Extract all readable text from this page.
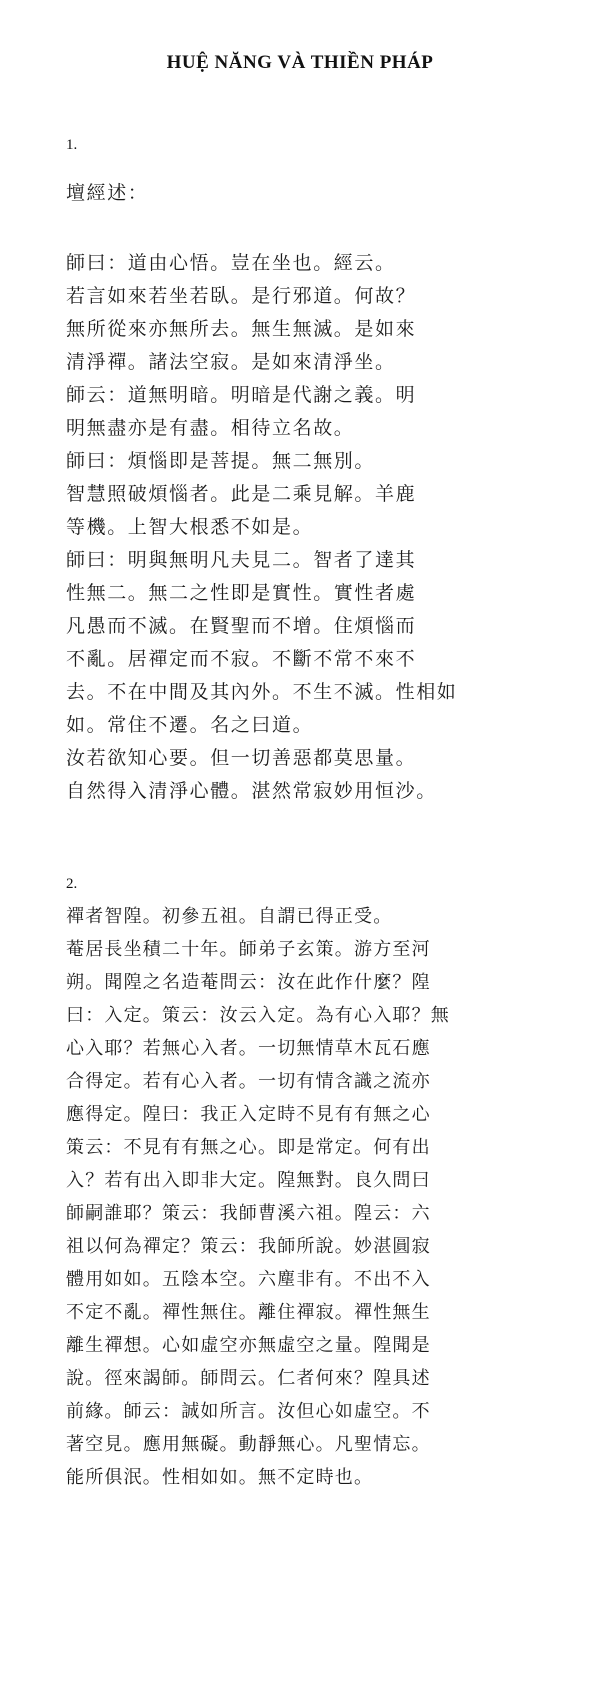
HUỆ NĂNG VÀ THIỀN PHÁP
1.
壇經述：
師曰：道由心悟。豈在坐也。經云。
若言如來若坐若臥。是行邪道。何故？
無所從來亦無所去。無生無滅。是如來
清淨禪。諸法空寂。是如來清淨坐。
師云：道無明暗。明暗是代謝之義。明
明無盡亦是有盡。相待立名故。
師曰：煩惱即是菩提。無二無別。
智慧照破煩惱者。此是二乘見解。羊鹿
等機。上智大根悉不如是。
師曰：明與無明凡夫見二。智者了達其
性無二。無二之性即是實性。實性者處
凡愚而不滅。在賢聖而不增。住煩惱而
不亂。居禪定而不寂。不斷不常不來不
去。不在中間及其內外。不生不滅。性相如
如。常住不遷。名之曰道。
汝若欲知心要。但一切善惡都莫思量。
自然得入清淨心體。湛然常寂妙用恒沙。
2.
禪者智隍。初參五祖。自謂已得正受。
菴居長坐積二十年。師弟子玄策。游方至河
朔。聞隍之名造菴問云：汝在此作什麼？隍
曰：入定。策云：汝云入定。為有心入耶？無
心入耶？若無心入者。一切無情草木瓦石應
合得定。若有心入者。一切有情含識之流亦
應得定。隍曰：我正入定時不見有有無之心
策云：不見有有無之心。即是常定。何有出
入？若有出入即非大定。隍無對。良久問曰
師嗣誰耶？策云：我師曹溪六祖。隍云：六
祖以何為禪定？策云：我師所說。妙湛圓寂
體用如如。五陰本空。六塵非有。不出不入
不定不亂。禪性無住。離住禪寂。禪性無生
離生禪想。心如虛空亦無虛空之量。隍聞是
說。徑來謁師。師問云。仁者何來？隍具述
前緣。師云：誠如所言。汝但心如虛空。不
著空見。應用無礙。動靜無心。凡聖情忘。
能所俱泯。性相如如。無不定時也。
